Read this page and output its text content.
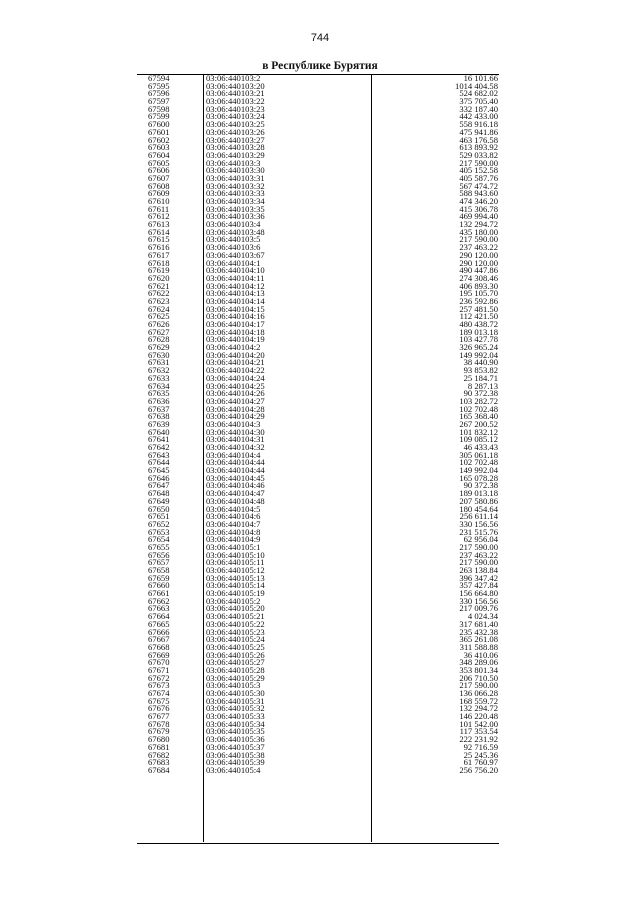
744
в Республике Бурятия
67594	03:06:440103:2	16 101.66
67595	03:06:440103:20	1014 404.58
67596	03:06:440103:21	524 682.02
67597	03:06:440103:22	375 705.40
67598	03:06:440103:23	332 187.40
67599	03:06:440103:24	442 433.00
67600	03:06:440103:25	558 916.18
67601	03:06:440103:26	475 941.86
67602	03:06:440103:27	463 176.58
67603	03:06:440103:28	613 893.92
67604	03:06:440103:29	529 033.82
67605	03:06:440103:3	217 590.00
67606	03:06:440103:30	405 152.58
67607	03:06:440103:31	405 587.76
67608	03:06:440103:32	567 474.72
67609	03:06:440103:33	588 943.60
67610	03:06:440103:34	474 346.20
67611	03:06:440103:35	415 306.78
67612	03:06:440103:36	469 994.40
67613	03:06:440103:4	132 294.72
67614	03:06:440103:48	435 180.00
67615	03:06:440103:5	217 590.00
67616	03:06:440103:6	237 463.22
67617	03:06:440103:67	290 120.00
67618	03:06:440104:1	290 120.00
67619	03:06:440104:10	490 447.86
67620	03:06:440104:11	274 308.46
67621	03:06:440104:12	406 893.30
67622	03:06:440104:13	195 105.70
67623	03:06:440104:14	236 592.86
67624	03:06:440104:15	257 481.50
67625	03:06:440104:16	112 421.50
67626	03:06:440104:17	480 438.72
67627	03:06:440104:18	189 013.18
67628	03:06:440104:19	103 427.78
67629	03:06:440104:2	326 965.24
67630	03:06:440104:20	149 992.04
67631	03:06:440104:21	38 440.90
67632	03:06:440104:22	93 853.82
67633	03:06:440104:24	25 184.71
67634	03:06:440104:25	8 287.13
67635	03:06:440104:26	90 372.38
67636	03:06:440104:27	103 282.72
67637	03:06:440104:28	102 702.48
67638	03:06:440104:29	165 368.40
67639	03:06:440104:3	267 200.52
67640	03:06:440104:30	101 832.12
67641	03:06:440104:31	109 085.12
67642	03:06:440104:32	46 433.43
67643	03:06:440104:4	305 061.18
67644	03:06:440104:44	102 702.48
67645	03:06:440104:44	149 992.04
67646	03:06:440104:45	165 078.28
67647	03:06:440104:46	90 372.38
67648	03:06:440104:47	189 013.18
67649	03:06:440104:48	207 580.86
67650	03:06:440104:5	180 454.64
67651	03:06:440104:6	256 611.14
67652	03:06:440104:7	330 156.56
67653	03:06:440104:8	231 515.76
67654	03:06:440104:9	62 956.04
67655	03:06:440105:1	217 590.00
67656	03:06:440105:10	237 463.22
67657	03:06:440105:11	217 590.00
67658	03:06:440105:12	263 138.84
67659	03:06:440105:13	396 347.42
67660	03:06:440105:14	357 427.84
67661	03:06:440105:19	156 664.80
67662	03:06:440105:2	330 156.56
67663	03:06:440105:20	217 009.76
67664	03:06:440105:21	4 024.34
67665	03:06:440105:22	317 681.40
67666	03:06:440105:23	235 432.38
67667	03:06:440105:24	365 261.08
67668	03:06:440105:25	311 588.88
67669	03:06:440105:26	36 410.06
67670	03:06:440105:27	348 289.06
67671	03:06:440105:28	353 801.34
67672	03:06:440105:29	206 710.50
67673	03:06:440105:3	217 590.00
67674	03:06:440105:30	136 066.28
67675	03:06:440105:31	168 559.72
67676	03:06:440105:32	132 294.72
67677	03:06:440105:33	146 220.48
67678	03:06:440105:34	101 542.00
67679	03:06:440105:35	117 353.54
67680	03:06:440105:36	222 231.92
67681	03:06:440105:37	92 716.59
67682	03:06:440105:38	25 245.36
67683	03:06:440105:39	61 760.97
67684	03:06:440105:4	256 756.20
